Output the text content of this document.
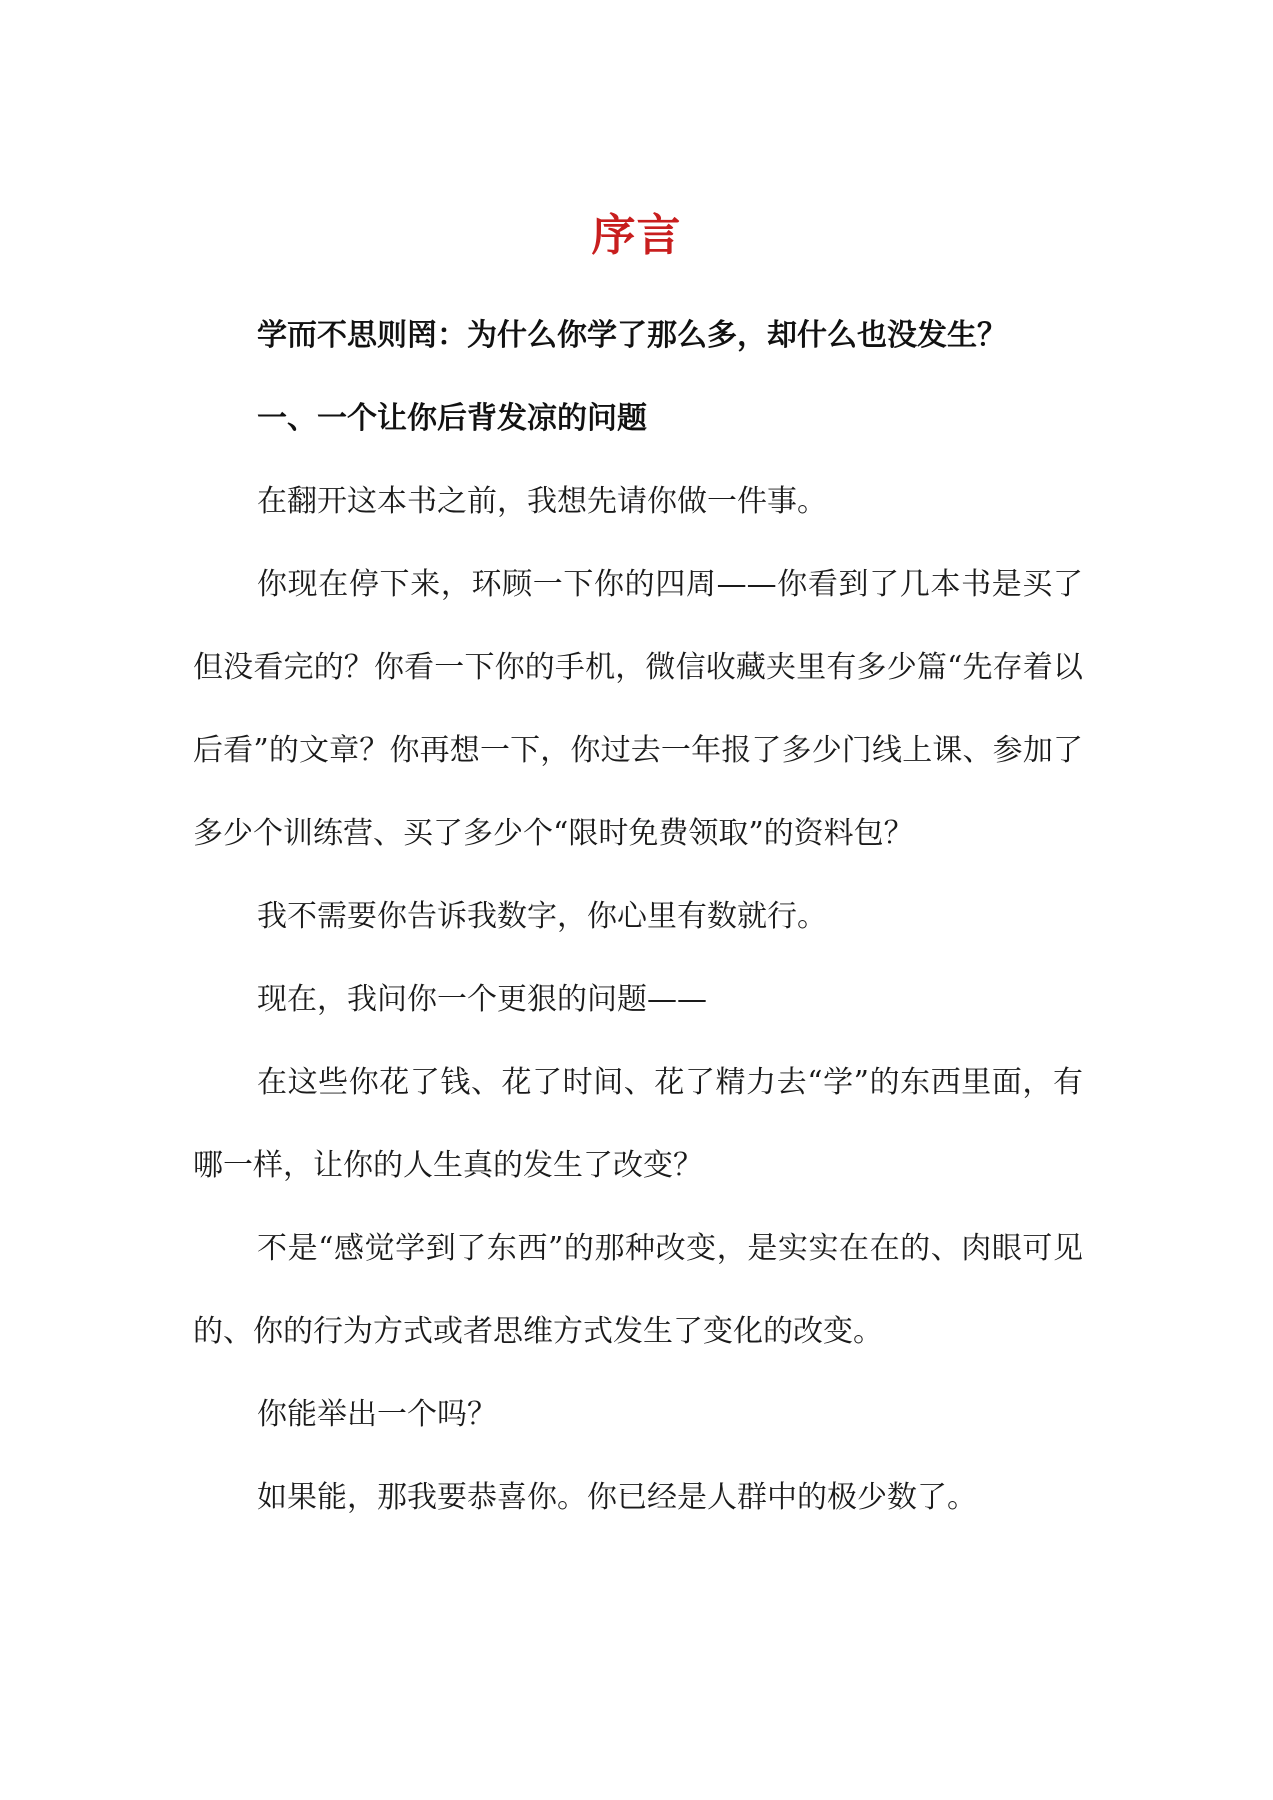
序言

学而不思则罔：为什么你学了那么多，却什么也没发生？

一、一个让你后背发凉的问题

在翻开这本书之前，我想先请你做一件事。

你现在停下来，环顾一下你的四周——你看到了几本书是买了但没看完的？你看一下你的手机，微信收藏夹里有多少篇“先存着以后看”的文章？你再想一下，你过去一年报了多少门线上课、参加了多少个训练营、买了多少个“限时免费领取”的资料包？

我不需要你告诉我数字，你心里有数就行。

现在，我问你一个更狠的问题——

在这些你花了钱、花了时间、花了精力去“学”的东西里面，有哪一样，让你的人生真的发生了改变？

不是“感觉学到了东西”的那种改变，是实实在在的、肉眼可见的、你的行为方式或者思维方式发生了变化的改变。

你能举出一个吗？

如果能，那我要恭喜你。你已经是人群中的极少数了。
